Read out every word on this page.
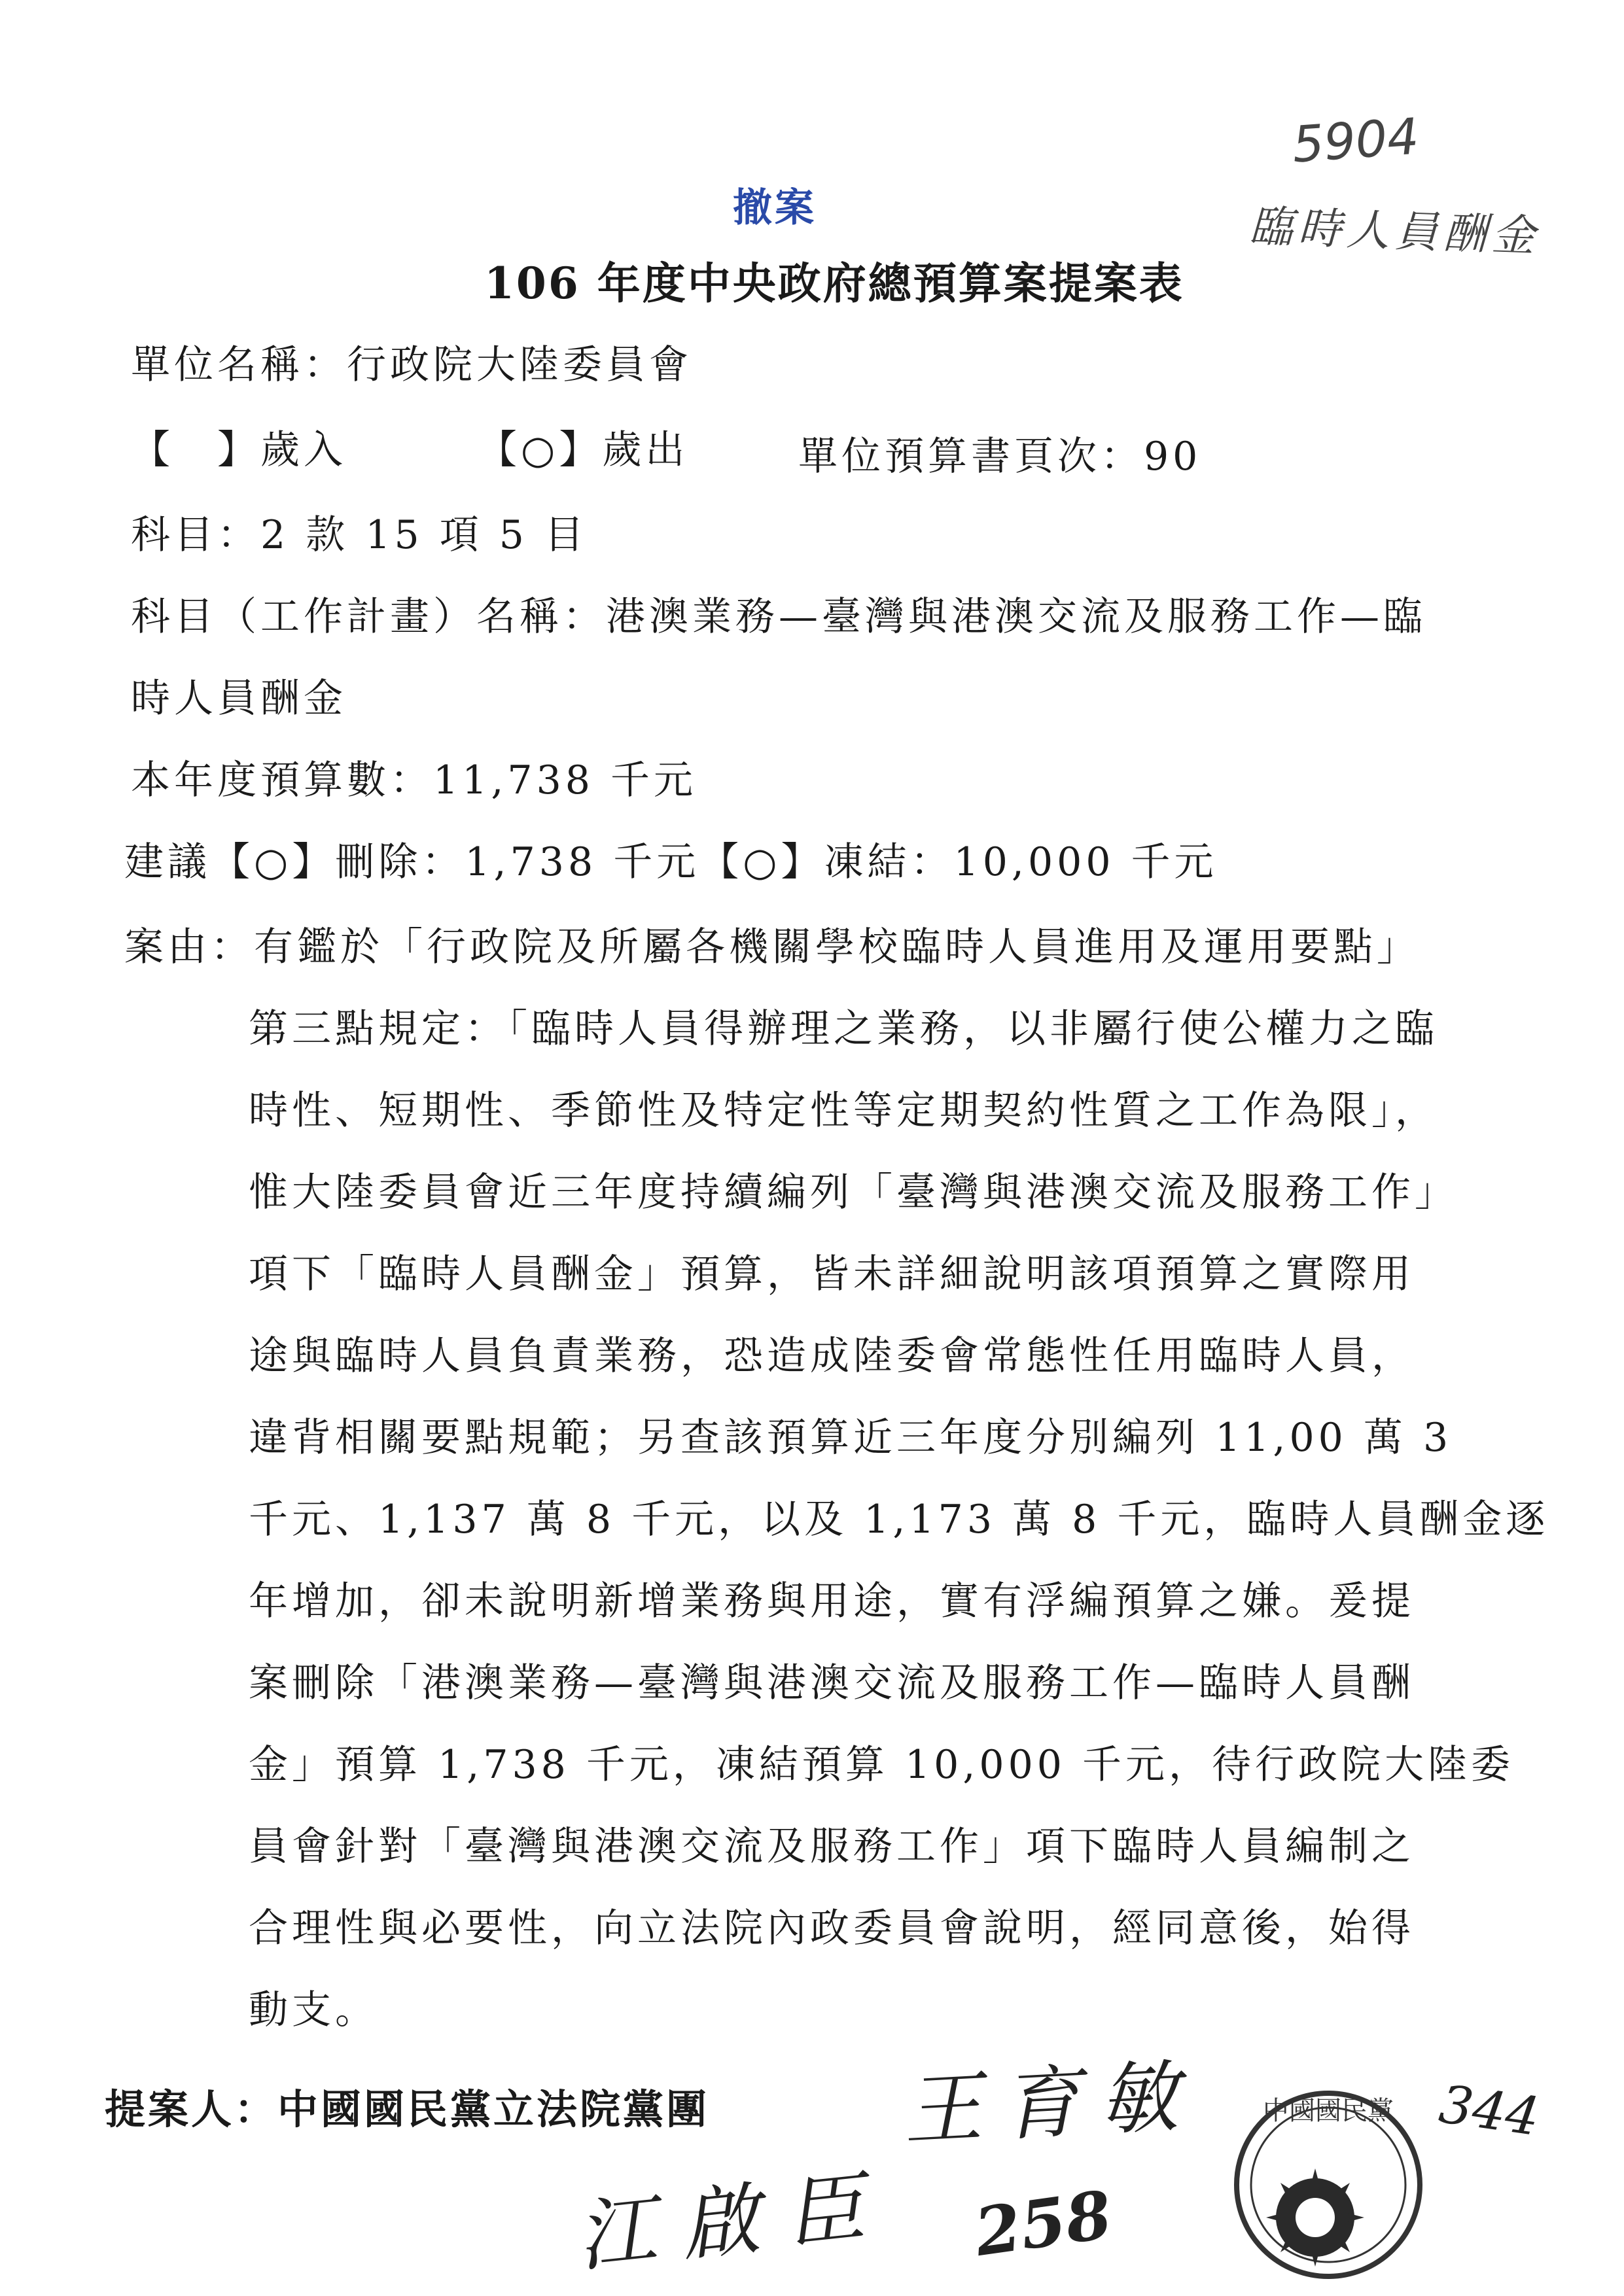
5904
臨時人員酬金
撤案
106 年度中央政府總預算案提案表
單位名稱：行政院大陸委員會
【　】歲入	【○】歲出	單位預算書頁次：90
科目：2 款 15 項 5 目
科目（工作計畫）名稱：港澳業務—臺灣與港澳交流及服務工作—臨
時人員酬金
本年度預算數：11,738 千元
建議【○】刪除：1,738 千元【○】凍結：10,000 千元
案由：有鑑於「行政院及所屬各機關學校臨時人員進用及運用要點」
第三點規定：「臨時人員得辦理之業務，以非屬行使公權力之臨
時性、短期性、季節性及特定性等定期契約性質之工作為限」，
惟大陸委員會近三年度持續編列「臺灣與港澳交流及服務工作」
項下「臨時人員酬金」預算，皆未詳細說明該項預算之實際用
途與臨時人員負責業務，恐造成陸委會常態性任用臨時人員，
違背相關要點規範；另查該預算近三年度分別編列 11,00 萬 3
千元、1,137 萬 8 千元，以及 1,173 萬 8 千元，臨時人員酬金逐
年增加，卻未說明新增業務與用途，實有浮編預算之嫌。爰提
案刪除「港澳業務—臺灣與港澳交流及服務工作—臨時人員酬
金」預算 1,738 千元，凍結預算 10,000 千元，待行政院大陸委
員會針對「臺灣與港澳交流及服務工作」項下臨時人員編制之
合理性與必要性，向立法院內政委員會說明，經同意後，始得
動支。
提案人：中國國民黨立法院黨團 王育敏
江啟臣 258
344
中國國民黨
